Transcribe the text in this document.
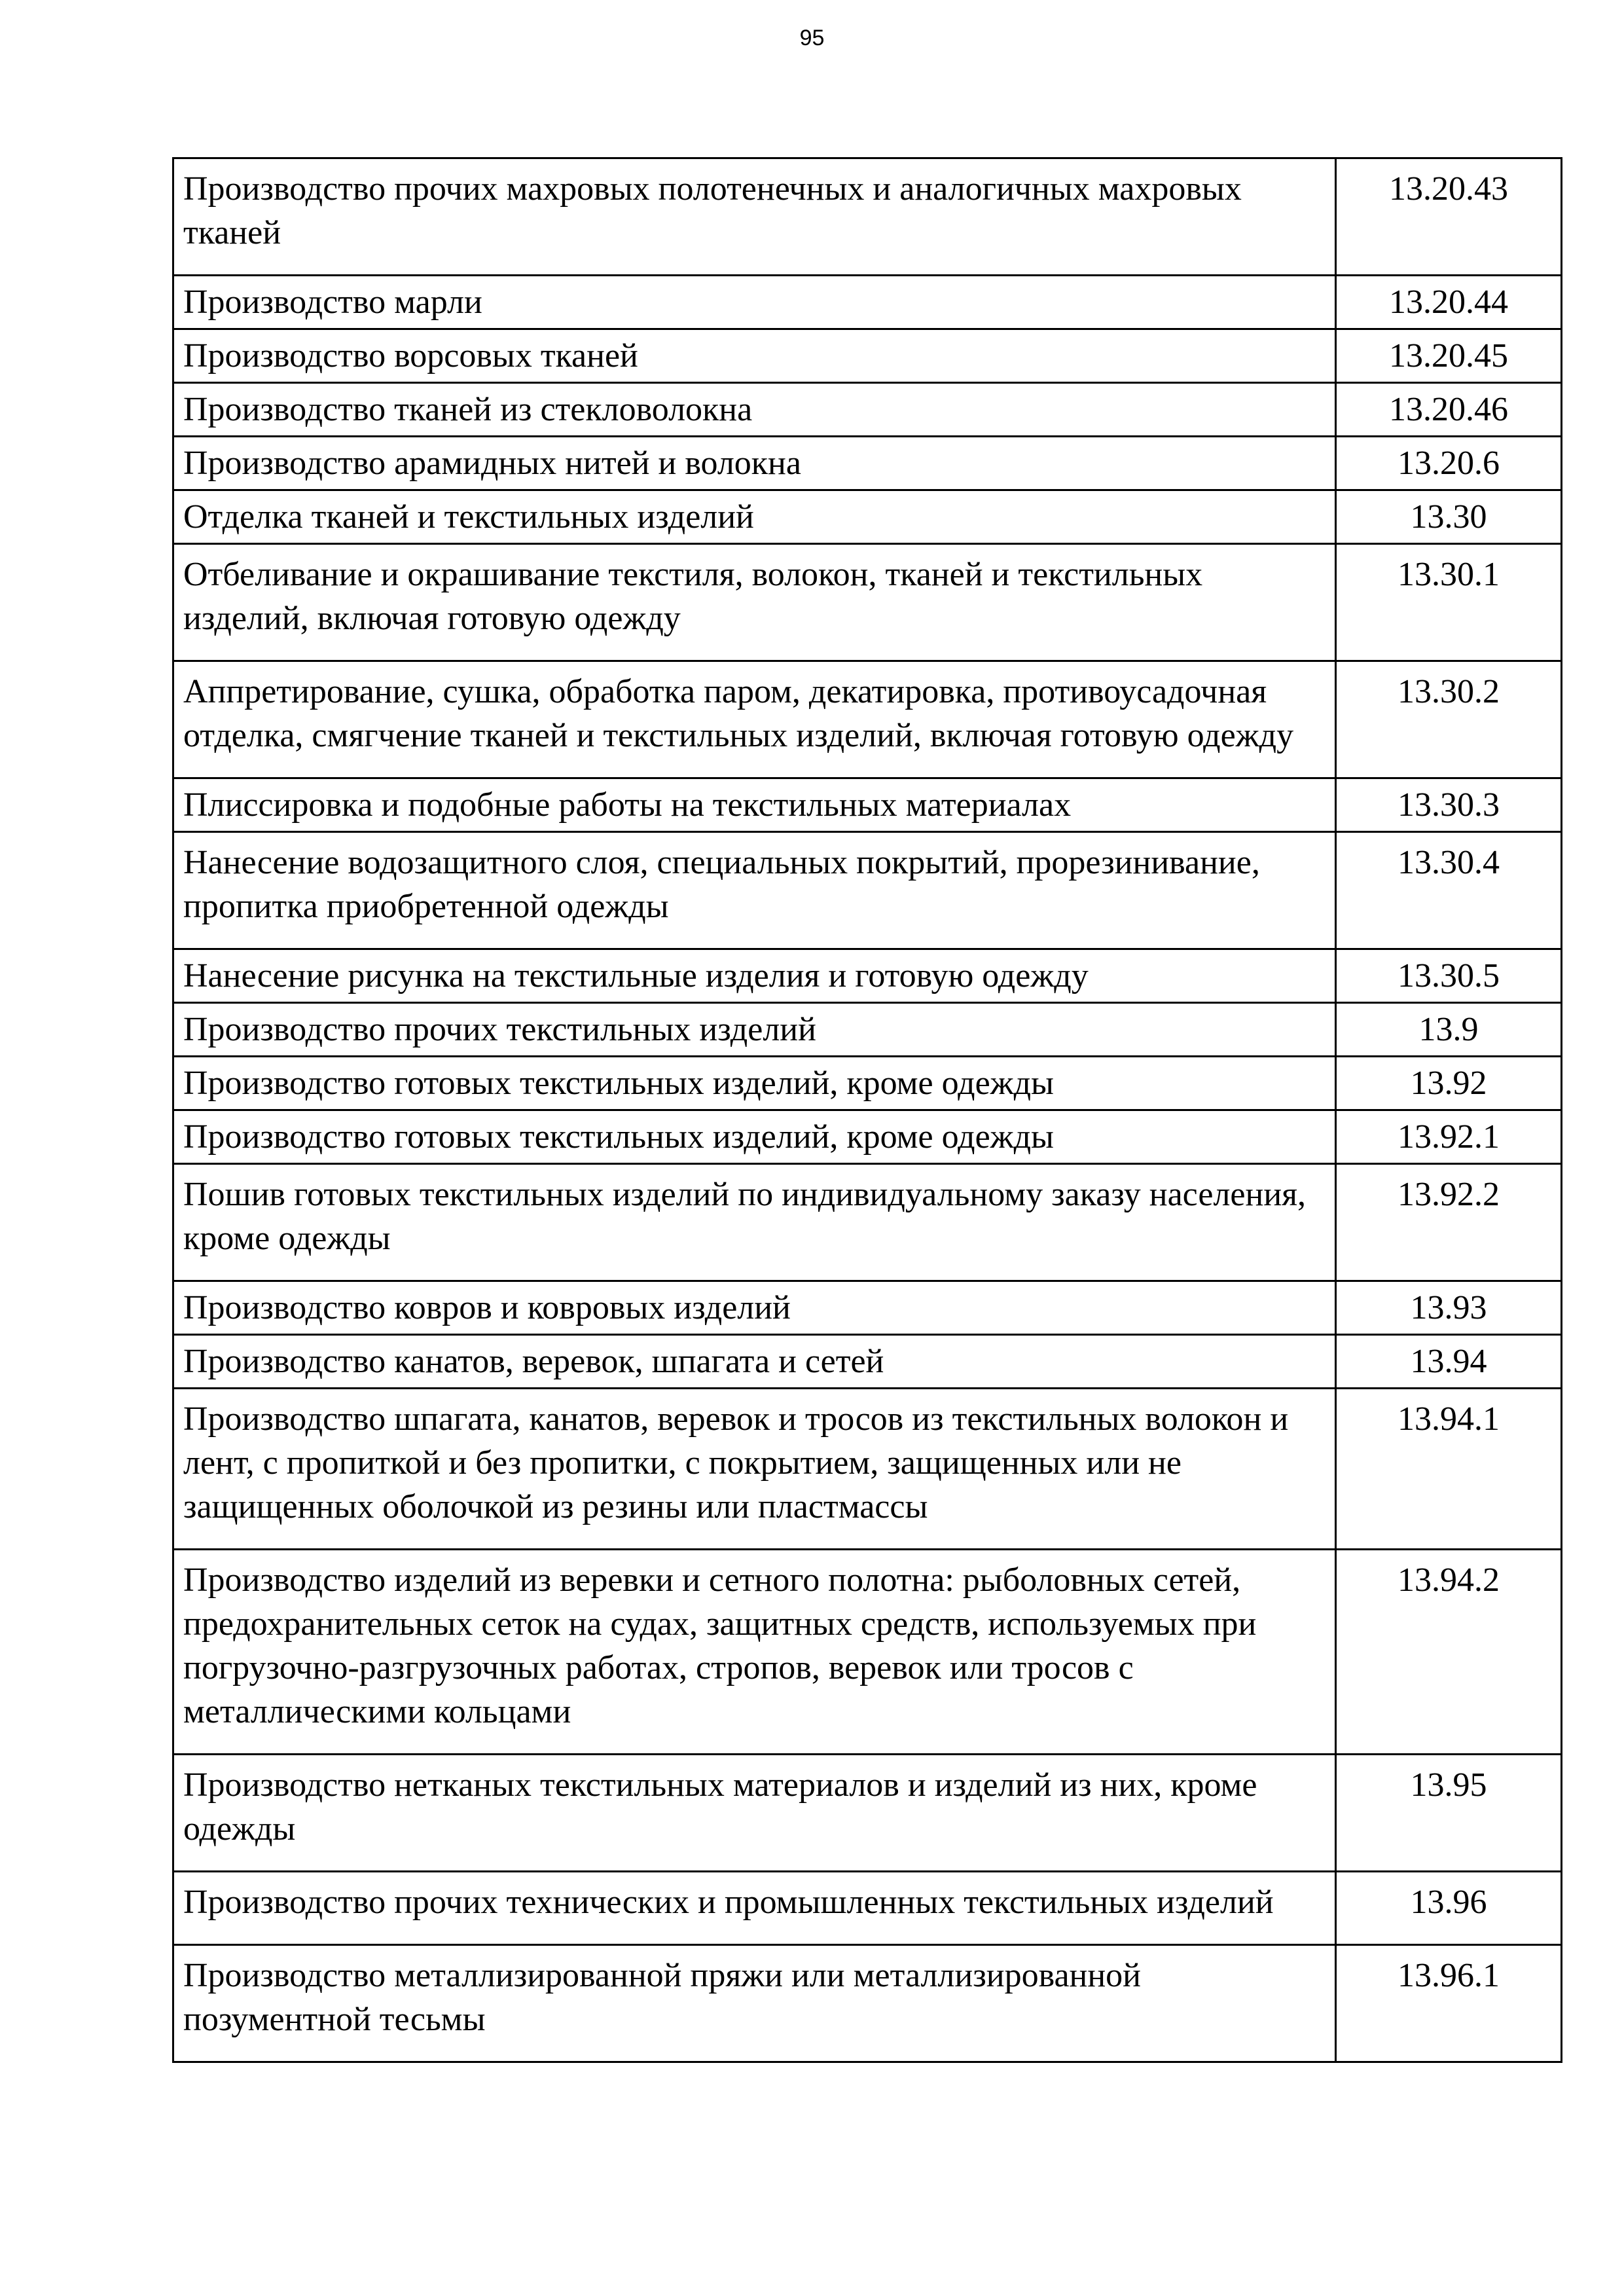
95
Производство прочих махровых полотенечных и аналогичных махровых тканей	13.20.43
Производство марли	13.20.44
Производство ворсовых тканей	13.20.45
Производство тканей из стекловолокна	13.20.46
Производство арамидных нитей и волокна	13.20.6
Отделка тканей и текстильных изделий	13.30
Отбеливание и окрашивание текстиля, волокон, тканей и текстильных изделий, включая готовую одежду	13.30.1
Аппретирование, сушка, обработка паром, декатировка, противоусадочная отделка, смягчение тканей и текстильных изделий, включая готовую одежду	13.30.2
Плиссировка и подобные работы на текстильных материалах	13.30.3
Нанесение водозащитного слоя, специальных покрытий, прорезинивание, пропитка приобретенной одежды	13.30.4
Нанесение рисунка на текстильные изделия и готовую одежду	13.30.5
Производство прочих текстильных изделий	13.9
Производство готовых текстильных изделий, кроме одежды	13.92
Производство готовых текстильных изделий, кроме одежды	13.92.1
Пошив готовых текстильных изделий по индивидуальному заказу населения, кроме одежды	13.92.2
Производство ковров и ковровых изделий	13.93
Производство канатов, веревок, шпагата и сетей	13.94
Производство шпагата, канатов, веревок и тросов из текстильных волокон и лент, с пропиткой и без пропитки, с покрытием, защищенных или не защищенных оболочкой из резины или пластмассы	13.94.1
Производство изделий из веревки и сетного полотна: рыболовных сетей, предохранительных сеток на судах, защитных средств, используемых при погрузочно-разгрузочных работах, стропов, веревок или тросов с металлическими кольцами	13.94.2
Производство нетканых текстильных материалов и изделий из них, кроме одежды	13.95
Производство прочих технических и промышленных текстильных изделий	13.96
Производство металлизированной пряжи или металлизированной позументной тесьмы	13.96.1
